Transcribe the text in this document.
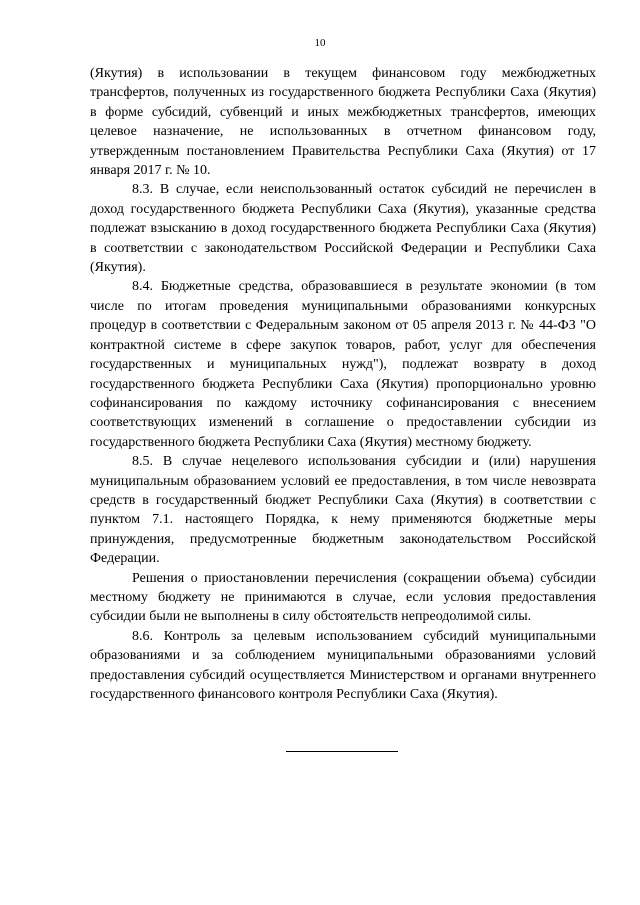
10

(Якутия) в использовании в текущем финансовом году межбюджетных трансфертов, полученных из государственного бюджета Республики Саха (Якутия) в форме субсидий, субвенций и иных межбюджетных трансфертов, имеющих целевое назначение, не использованных в отчетном финансовом году, утвержденным постановлением Правительства Республики Саха (Якутия) от 17 января 2017 г. № 10.

8.3. В случае, если неиспользованный остаток субсидий не перечислен в доход государственного бюджета Республики Саха (Якутия), указанные средства подлежат взысканию в доход государственного бюджета Республики Саха (Якутия) в соответствии с законодательством Российской Федерации и Республики Саха (Якутия).

8.4. Бюджетные средства, образовавшиеся в результате экономии (в том числе по итогам проведения муниципальными образованиями конкурсных процедур в соответствии с Федеральным законом от 05 апреля 2013 г. № 44-ФЗ "О контрактной системе в сфере закупок товаров, работ, услуг для обеспечения государственных и муниципальных нужд"), подлежат возврату в доход государственного бюджета Республики Саха (Якутия) пропорционально уровню софинансирования по каждому источнику софинансирования с внесением соответствующих изменений в соглашение о предоставлении субсидии из государственного бюджета Республики Саха (Якутия) местному бюджету.

8.5. В случае нецелевого использования субсидии и (или) нарушения муниципальным образованием условий ее предоставления, в том числе невозврата средств в государственный бюджет Республики Саха (Якутия) в соответствии с пунктом 7.1. настоящего Порядка, к нему применяются бюджетные меры принуждения, предусмотренные бюджетным законодательством Российской Федерации.

Решения о приостановлении перечисления (сокращении объема) субсидии местному бюджету не принимаются в случае, если условия предоставления субсидии были не выполнены в силу обстоятельств непреодолимой силы.

8.6. Контроль за целевым использованием субсидий муниципальными образованиями и за соблюдением муниципальными образованиями условий предоставления субсидий осуществляется Министерством и органами внутреннего государственного финансового контроля Республики Саха (Якутия).
